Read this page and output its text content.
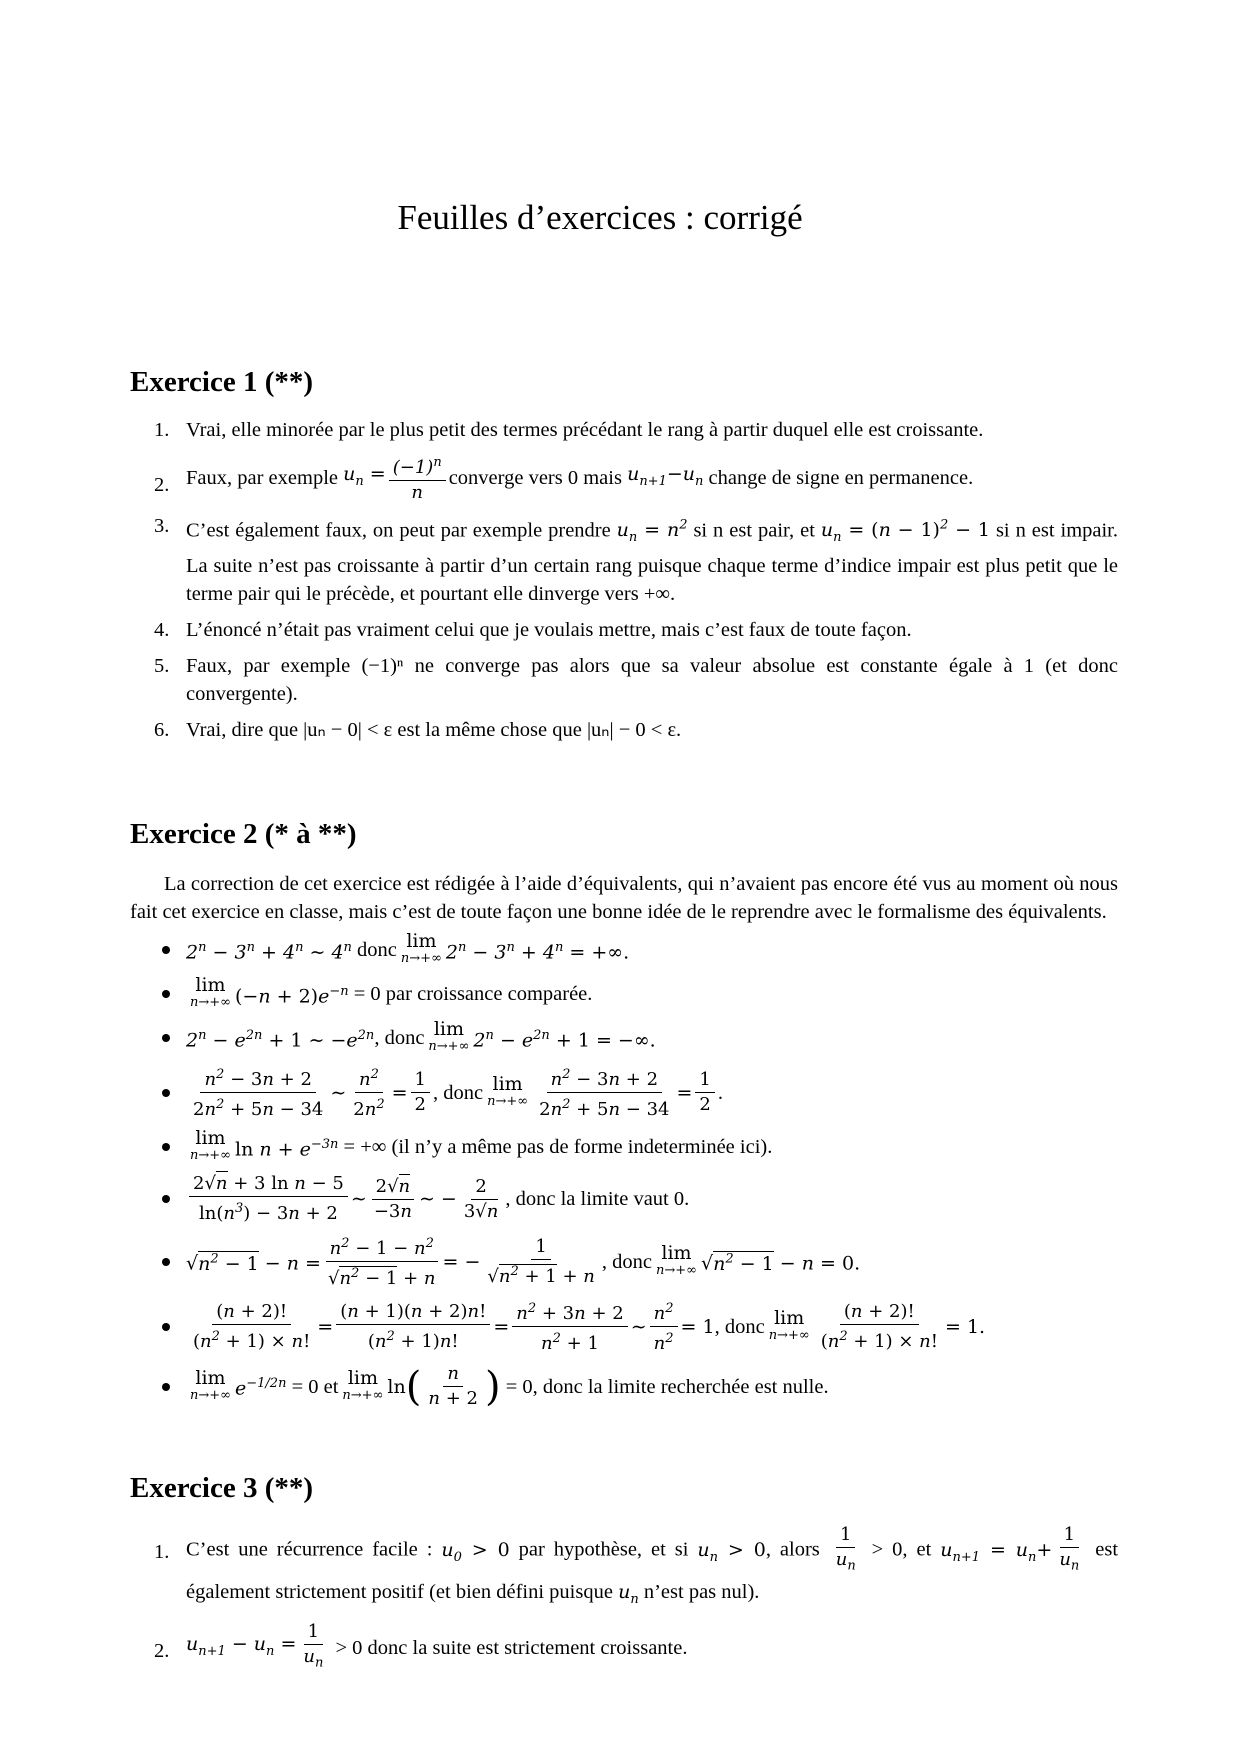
Feuilles d’exercices : corrigé
Exercice 1 (**)
1. Vrai, elle minorée par le plus petit des termes précédant le rang à partir duquel elle est croissante.
2. Faux, par exemple
$u_n = \frac{(-1)^n}{n}$ converge vers 0 mais
$u_{n+1}-u_n$
change de signe en permanence.
3. C’est également faux, on peut par exemple prendre $u_n = n^2$ si n est pair, et $u_n = (n - 1)^2 - 1$ si n est impair. La suite n’est pas croissante à partir d’un certain rang puisque chaque terme d’indice impair est plus petit que le terme pair qui le précède, et pourtant elle dinverge vers +∞.
4. L’énoncé n’était pas vraiment celui que je voulais mettre, mais c’est faux de toute façon.
5. Faux, par exemple (−1)ⁿ ne converge pas alors que sa valeur absolue est constante égale à 1 (et donc convergente).
6. Vrai, dire que |uₙ − 0| < ε est la même chose que |uₙ| − 0 < ε.
Exercice 2 (* à **)

La correction de cet exercice est rédigée à l’aide d’équivalents, qui n’avaient pas encore été vus au moment où nous fait cet exercice en classe, mais c’est de toute façon une bonne idée de le reprendre avec le formalisme des équivalents.

$2^n - 3^n + 4^n$ ∼ 4$^n$
donc lim
n→+∞ $2^n - 3^n + 4^n$ = +∞.
lim
n→+∞ $(-n + 2)e^{-n}$
= 0 par croissance comparée.
$2^n - e^{2n} + 1$ ∼ $-e^{2n}$ , donc lim
n→+∞ $2^n - e^{2n} + 1$ = −∞.
$\frac{n^2 - 3n + 2}{2n^2 + 5n - 34}$ ∼ $\frac{n^2}{2n^2} = \frac{1}{2}$ , donc lim
$n\to+\infty \frac{n^2 - 3n + 2}{2n^2 + 5n - 34} = \frac{1}{2}$ .
lim
n→+∞ $\ln n + e^{-3n}$
= +∞ (il n’y a même pas de forme indeterminée ici).
$\frac{\text{2√n + 3 ln n − 5}}{\ln(n^3) - 3n + 2}$ ∼ $\frac{2√n}{-3n}$ ∼ − $\frac{2}{3√n}$ , donc la limite vaut 0.
$√n^2 - 1 - n = \frac{n^2 - 1 - n^2}{√n^2 - 1 + n}$ = − $\frac{1}{√n^2 + 1 + n}$ , donc lim
n→+∞ $√n^2 - 1 - n = 0$.
$\frac{(n + 2)!}{(n^2 + 1) \times n!} = \frac{(n + 1)(n + 2)n!}{(n^2 + 1)n!} = \frac{n^2 + 3n + 2}{n^2 + 1}$ ∼ $\frac{n^2}{n^2} = 1$ , donc lim
$n\to+\infty \frac{(n + 2)!}{(n^2 + 1) \times n!} = 1$.
lim
n→+∞ $e^{-1/2n}$
= 0 et lim
n→+∞ ln ( $\frac{n}{n + 2}$ )
= 0, donc la limite recherchée est nulle.
Exercice 3 (**)
1. C’est une récurrence facile : $u_0 > 0$ par hypothèse, et si $u_n > 0$, alors $\frac{1}{u_n} > 0$, et $u_{n+1} = u_n+ \frac{1}{u_n}$ est également strictement positif (et bien défini puisque $u_n$ n’est pas nul).
2. $u_{n+1} - u_n = \frac{1}{u_n}$
> 0 donc la suite est strictement croissante.
